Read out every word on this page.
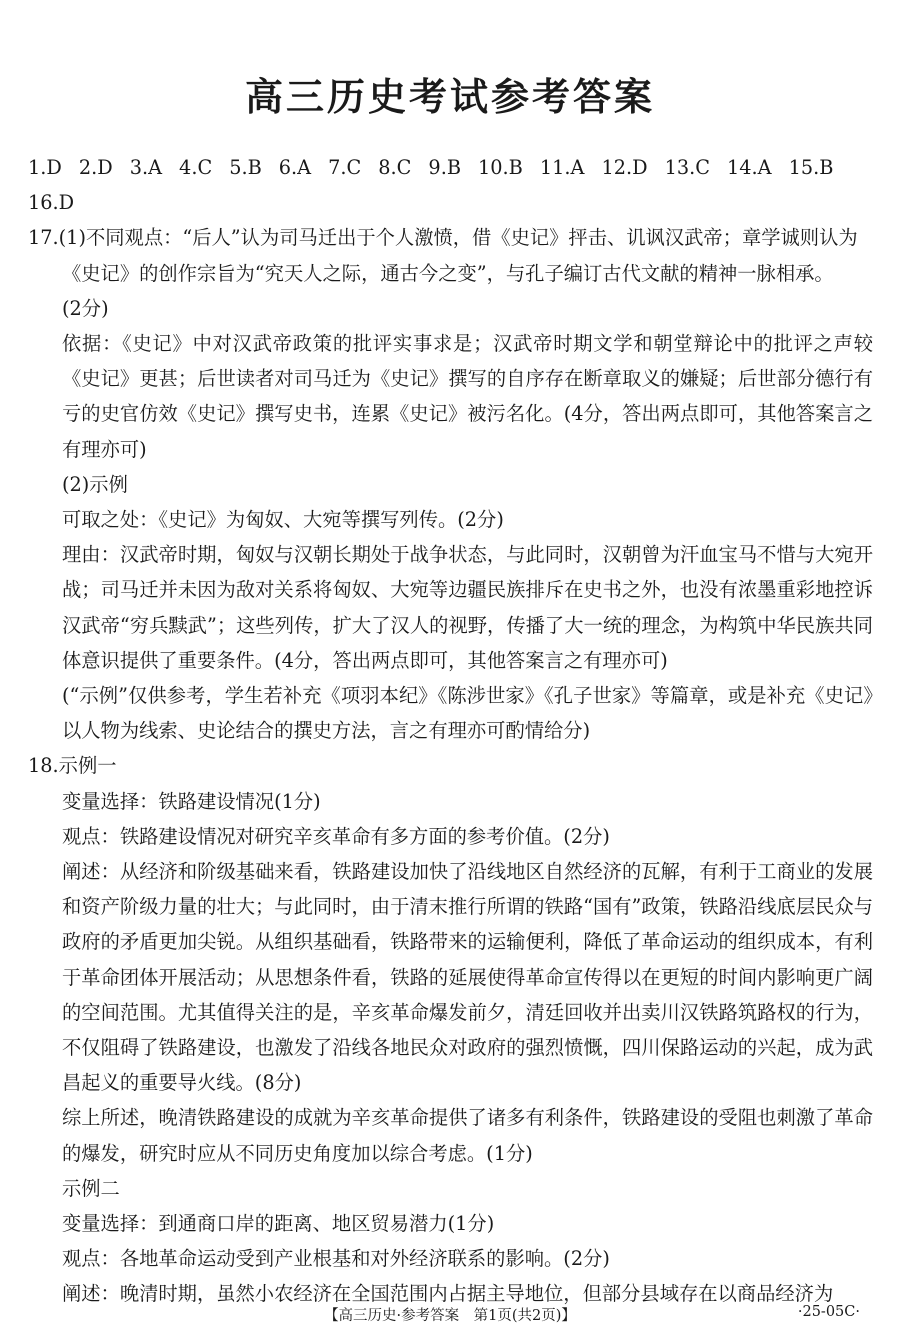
高三历史考试参考答案
1.D 2.D 3.A 4.C 5.B 6.A 7.C 8.C 9.B 10.B 11.A 12.D 13.C 14.A 15.B
16.D
17.(1)不同观点：“后人”认为司马迁出于个人激愤，借《史记》抨击、讥讽汉武帝；章学诚则认为
《史记》的创作宗旨为“究天人之际，通古今之变”，与孔子编订古代文献的精神一脉相承。
(2分)
依据：《史记》中对汉武帝政策的批评实事求是；汉武帝时期文学和朝堂辩论中的批评之声较《史记》更甚；后世读者对司马迁为《史记》撰写的自序存在断章取义的嫌疑；后世部分德行有亏的史官仿效《史记》撰写史书，连累《史记》被污名化。(4分，答出两点即可，其他答案言之有理亦可)
(2)示例
可取之处：《史记》为匈奴、大宛等撰写列传。(2分)
理由：汉武帝时期，匈奴与汉朝长期处于战争状态，与此同时，汉朝曾为汗血宝马不惜与大宛开战；司马迁并未因为敌对关系将匈奴、大宛等边疆民族排斥在史书之外，也没有浓墨重彩地控诉汉武帝“穷兵黩武”；这些列传，扩大了汉人的视野，传播了大一统的理念，为构筑中华民族共同体意识提供了重要条件。(4分，答出两点即可，其他答案言之有理亦可)
(“示例”仅供参考，学生若补充《项羽本纪》《陈涉世家》《孔子世家》等篇章，或是补充《史记》以人物为线索、史论结合的撰史方法，言之有理亦可酌情给分)
18.示例一
变量选择：铁路建设情况(1分)
观点：铁路建设情况对研究辛亥革命有多方面的参考价值。(2分)
阐述：从经济和阶级基础来看，铁路建设加快了沿线地区自然经济的瓦解，有利于工商业的发展和资产阶级力量的壮大；与此同时，由于清末推行所谓的铁路“国有”政策，铁路沿线底层民众与政府的矛盾更加尖锐。从组织基础看，铁路带来的运输便利，降低了革命运动的组织成本，有利于革命团体开展活动；从思想条件看，铁路的延展使得革命宣传得以在更短的时间内影响更广阔的空间范围。尤其值得关注的是，辛亥革命爆发前夕，清廷回收并出卖川汉铁路筑路权的行为，不仅阻碍了铁路建设，也激发了沿线各地民众对政府的强烈愤慨，四川保路运动的兴起，成为武昌起义的重要导火线。(8分)
综上所述，晚清铁路建设的成就为辛亥革命提供了诸多有利条件，铁路建设的受阻也刺激了革命的爆发，研究时应从不同历史角度加以综合考虑。(1分)
示例二
变量选择：到通商口岸的距离、地区贸易潜力(1分)
观点：各地革命运动受到产业根基和对外经济联系的影响。(2分)
阐述：晚清时期，虽然小农经济在全国范围内占据主导地位，但部分县域存在以商品经济为
【高三历史·参考答案　第1页(共2页)】	·25-05C·
